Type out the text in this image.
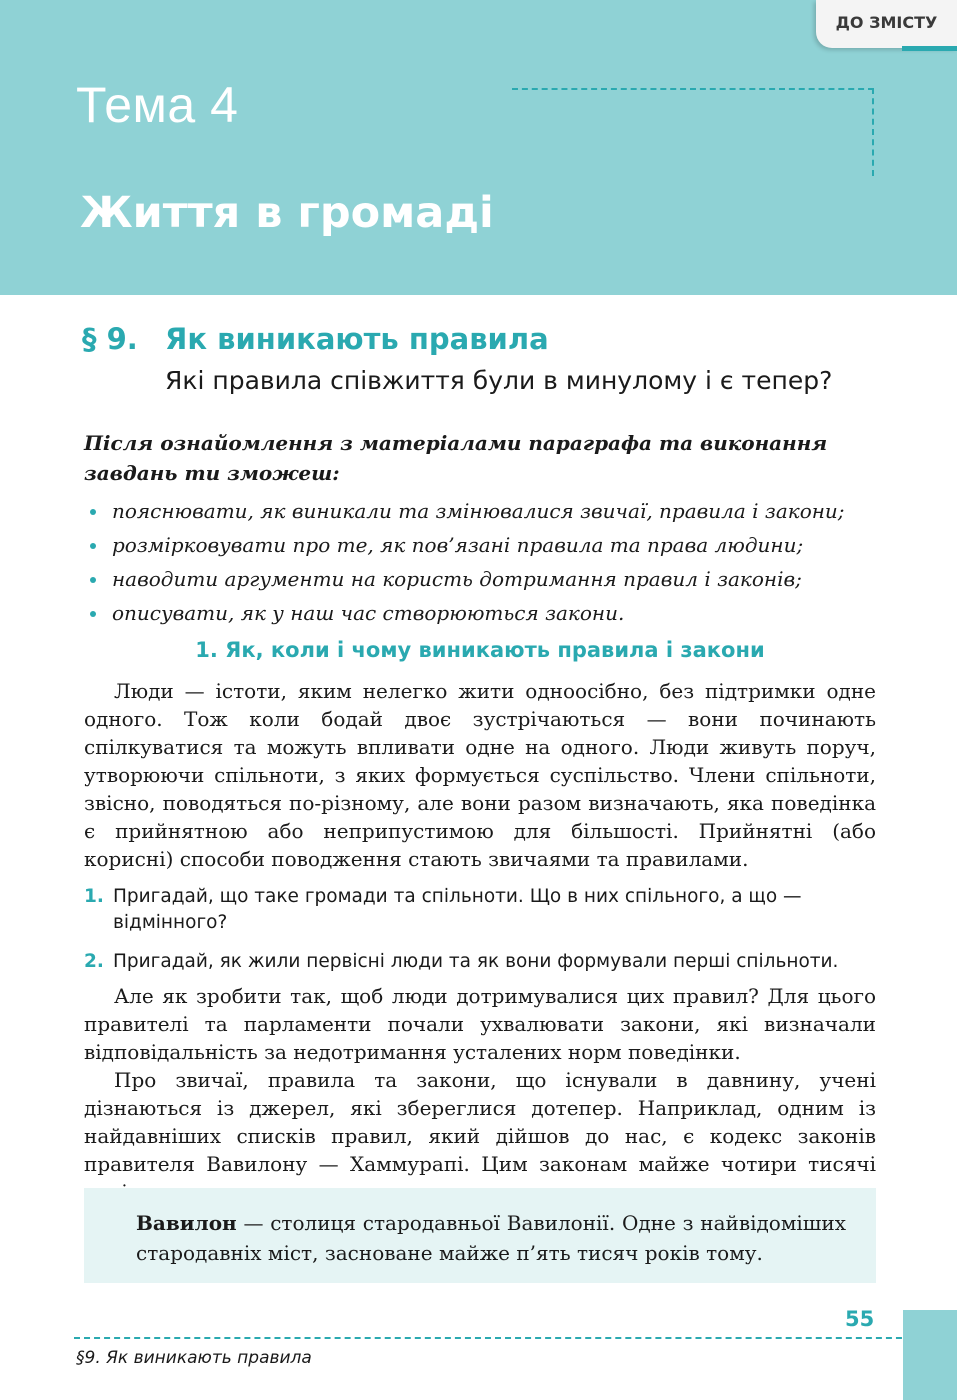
Тема 4
Життя в громаді
ДО ЗМІСТУ
§ 9. Як виникають правила
Які правила співжиття були в минулому і є тепер?
Після ознайомлення з матеріалами параграфа та виконання завдань ти зможеш:
пояснювати, як виникали та змінювалися звичаї, правила і закони;
розмірковувати про те, як пов’язані правила та права людини;
наводити аргументи на користь дотримання правил і законів;
описувати, як у наш час створюються закони.
1. Як, коли і чому виникають правила і закони

Люди — істоти, яким нелегко жити одноосібно, без підтримки одне одного. Тож коли бодай двоє зустрічаються — вони починають спілкуватися та можуть впливати одне на одного. Люди живуть поруч, утворюючи спільноти, з яких формується суспільство. Члени спільноти, звісно, поводяться по-різному, але вони разом визначають, яка поведінка є прийнятною або неприпустимою для більшості. Прийнятні (або корисні) способи поводження стають звичаями та правилами.

1. Пригадай, що таке громади та спільноти. Що в них спільного, а що — відмінного?
2. Пригадай, як жили первісні люди та як вони формували перші спільноти.

Але як зробити так, щоб люди дотримувалися цих правил? Для цього правителі та парламенти почали ухвалювати закони, які визначали відповідальність за недотримання усталених норм поведінки.

Про звичаї, правила та закони, що існували в давнину, учені дізнаються із джерел, які збереглися дотепер. Наприклад, одним із найдавніших списків правил, який дійшов до нас, є кодекс законів правителя Вавилону — Хаммурапі. Цим законам майже чотири тисячі

Вавилон — столиця стародавньої Вавилонії. Одне з найвідоміших стародавніх міст, засноване майже п’ять тисяч років тому.
55
§9. Як виникають правила
